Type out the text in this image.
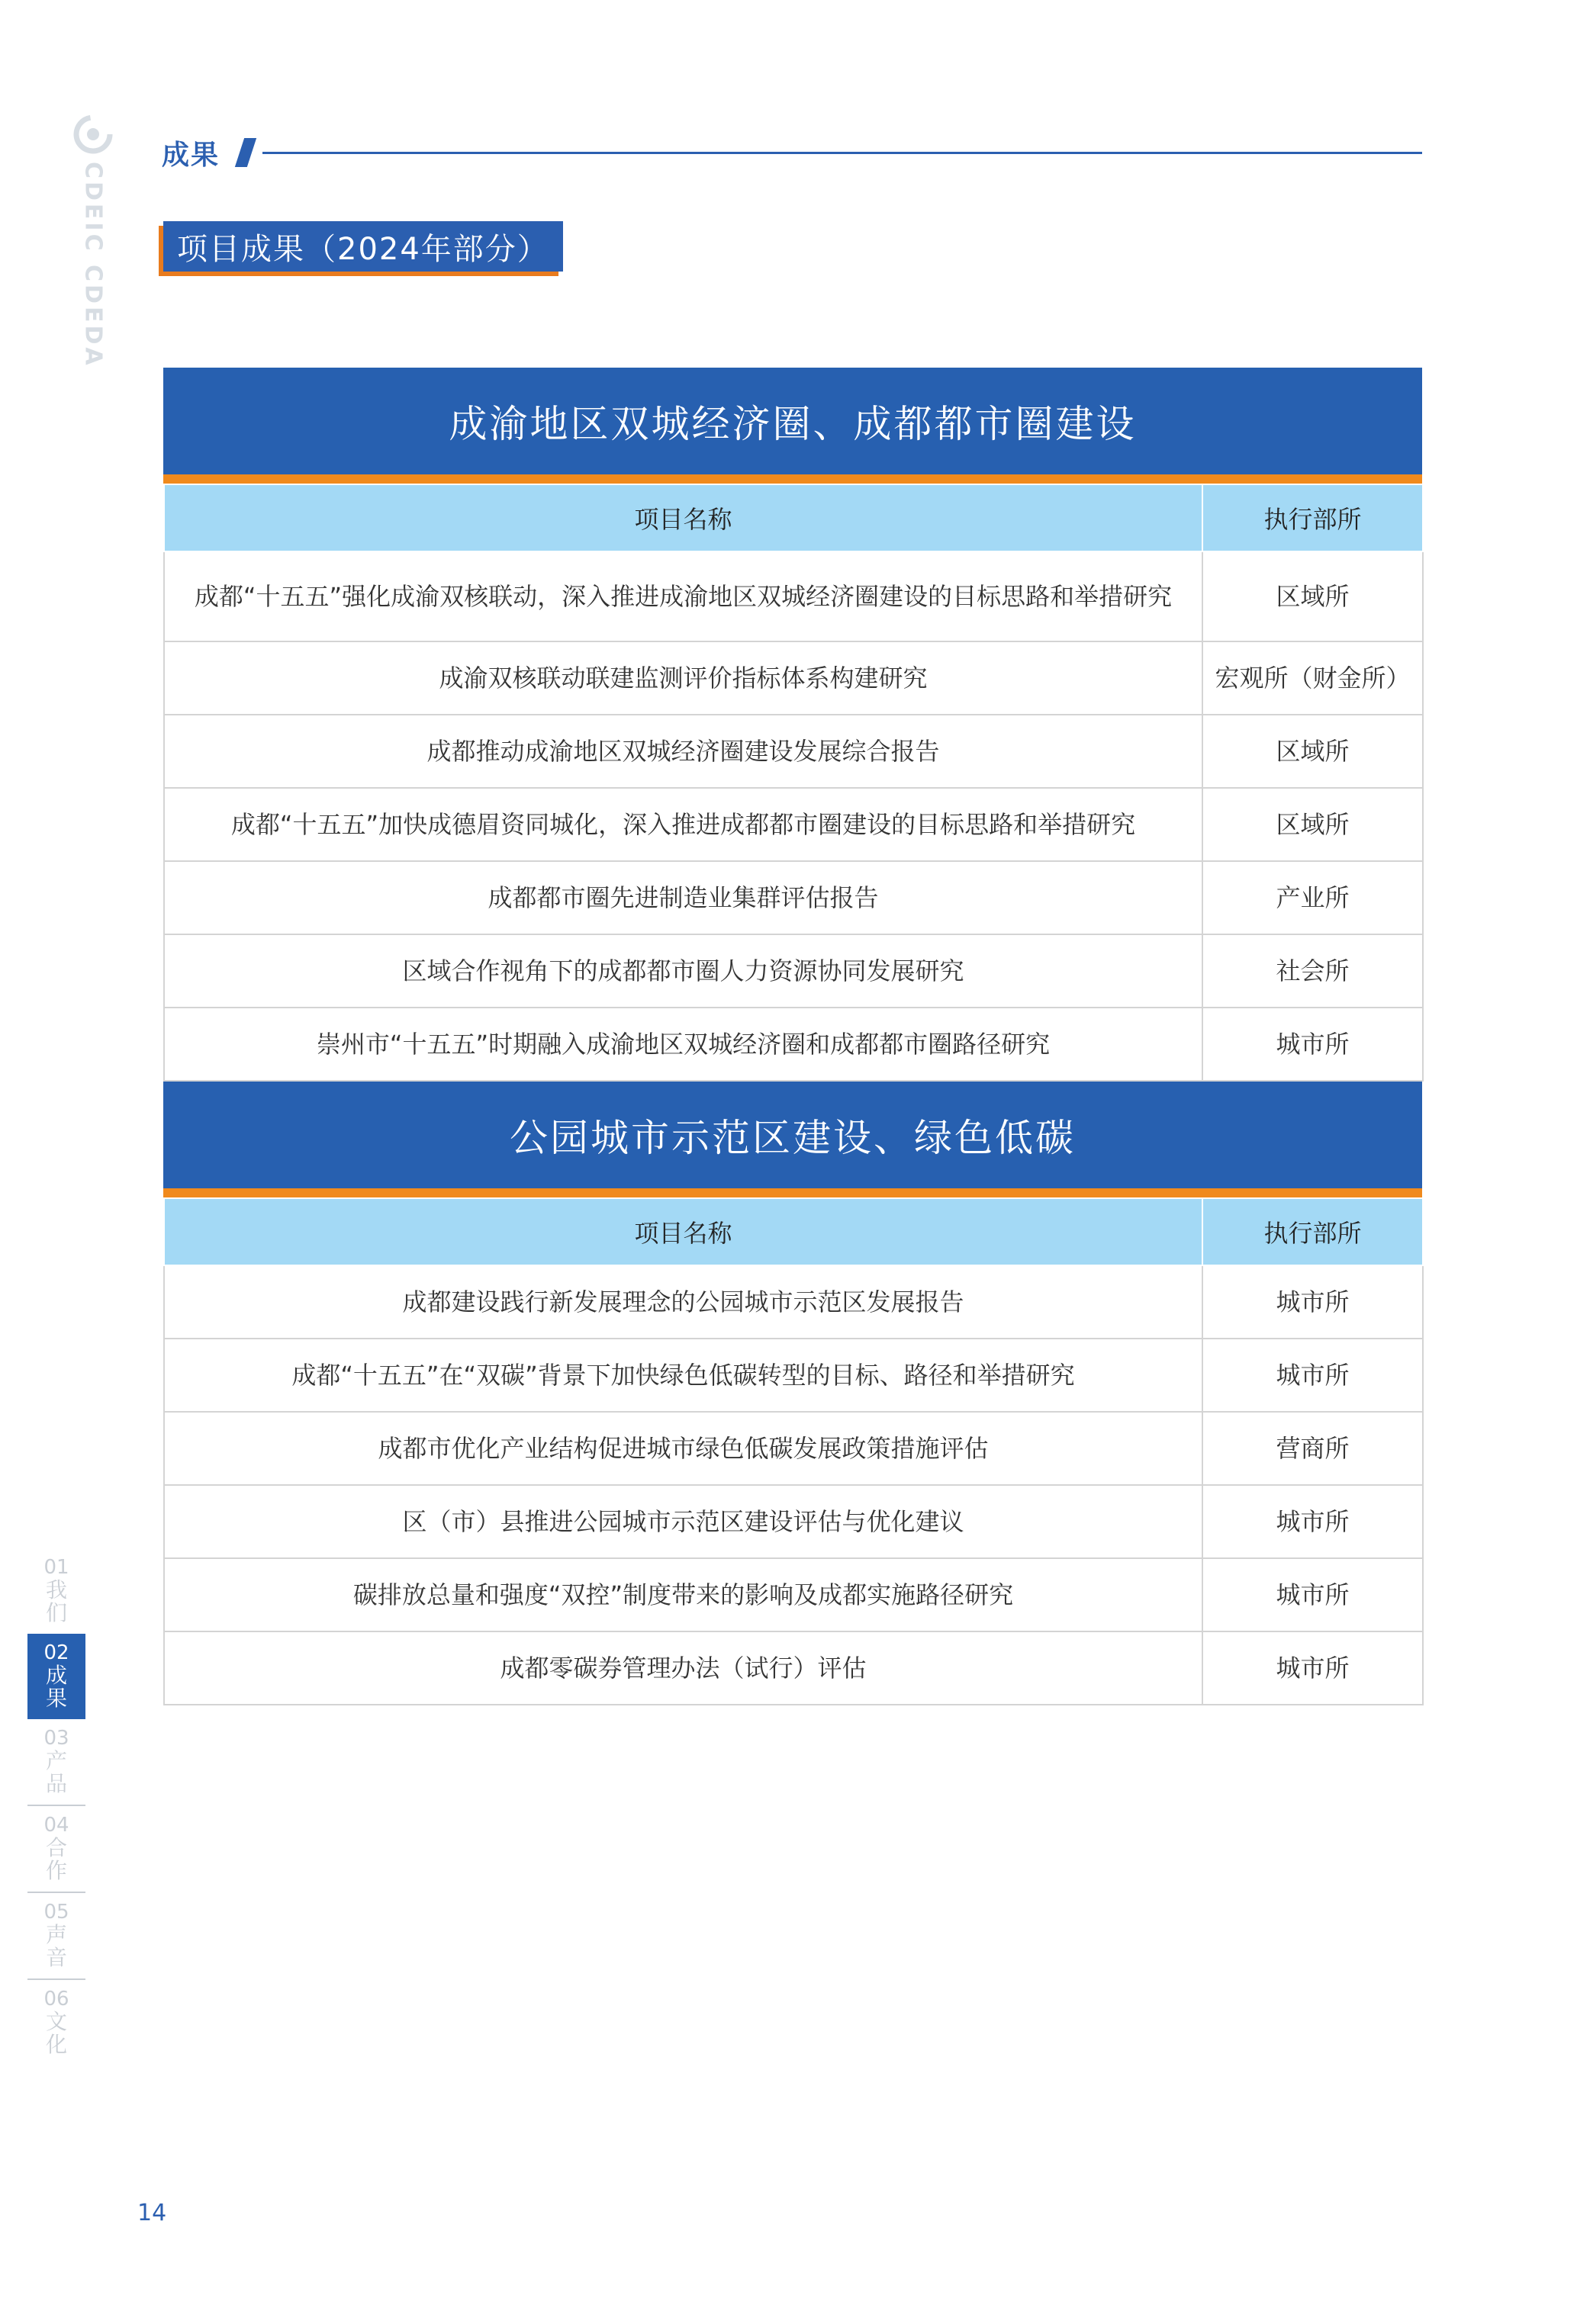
CDEIC CDEDA
成果
项目成果（2024年部分）
成渝地区双城经济圈、成都都市圈建设
项目名称	执行部所
成都“十五五”强化成渝双核联动，深入推进成渝地区双城经济圈建设的目标思路和举措研究	区域所
成渝双核联动联建监测评价指标体系构建研究	宏观所（财金所）
成都推动成渝地区双城经济圈建设发展综合报告	区域所
成都“十五五”加快成德眉资同城化，深入推进成都都市圈建设的目标思路和举措研究	区域所
成都都市圈先进制造业集群评估报告	产业所
区域合作视角下的成都都市圈人力资源协同发展研究	社会所
崇州市“十五五”时期融入成渝地区双城经济圈和成都都市圈路径研究	城市所
公园城市示范区建设、绿色低碳
项目名称	执行部所
成都建设践行新发展理念的公园城市示范区发展报告	城市所
成都“十五五”在“双碳”背景下加快绿色低碳转型的目标、路径和举措研究	城市所
成都市优化产业结构促进城市绿色低碳发展政策措施评估	营商所
区（市）县推进公园城市示范区建设评估与优化建议	城市所
碳排放总量和强度“双控”制度带来的影响及成都实施路径研究	城市所
成都零碳券管理办法（试行）评估	城市所
01
我们
02
成果
03
产品
04
合作
05
声音
06
文化
14
